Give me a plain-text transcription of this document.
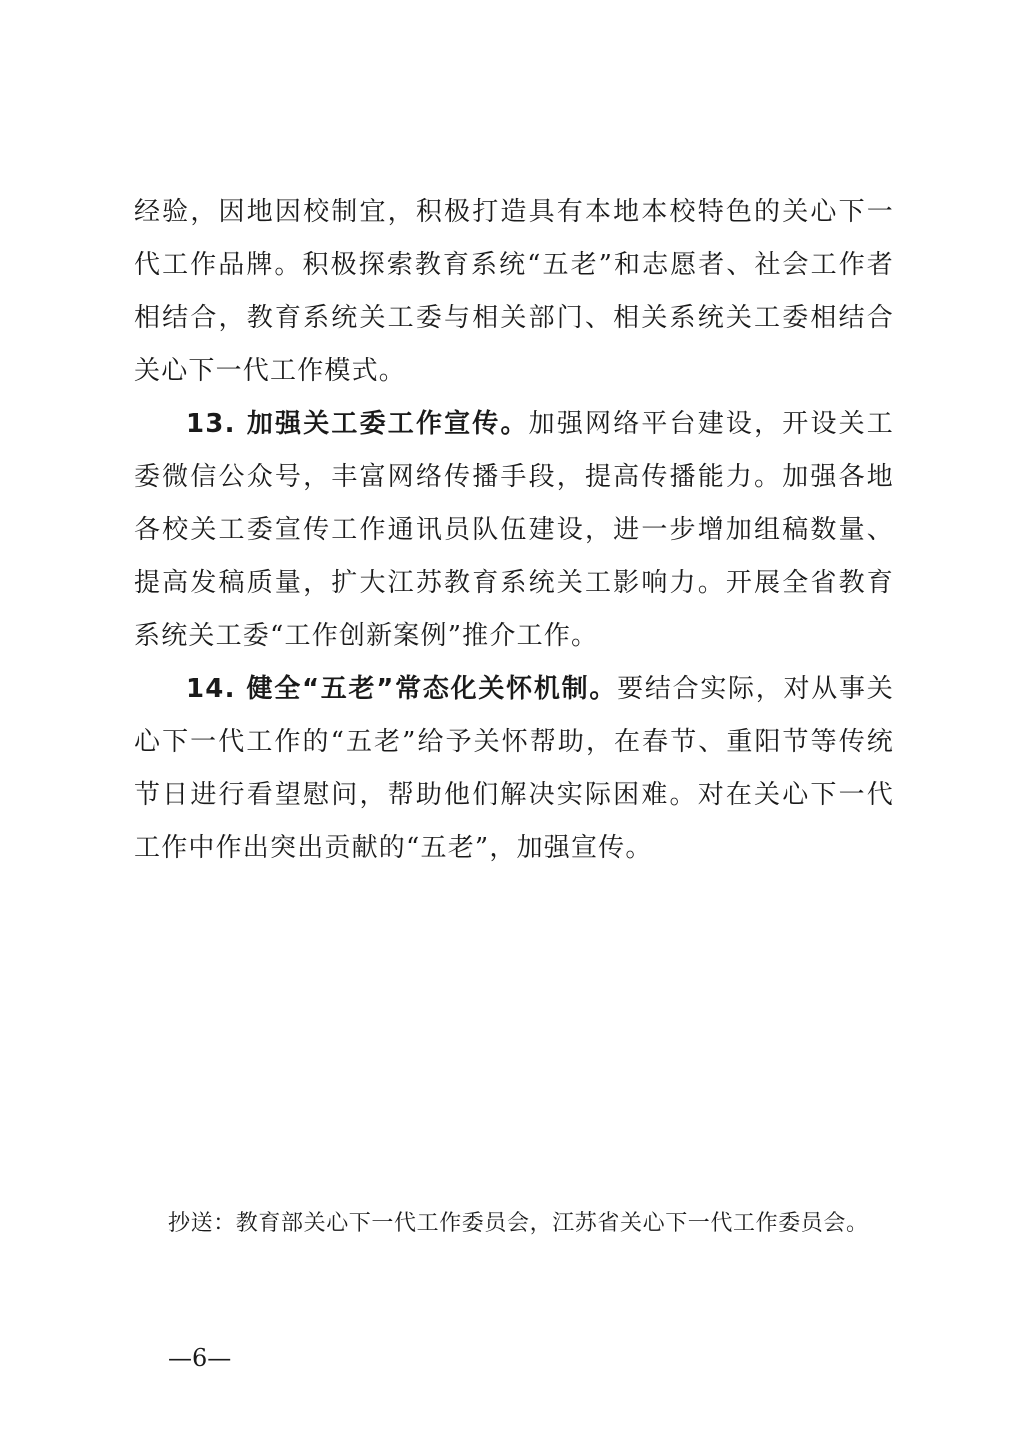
经验，因地因校制宜，积极打造具有本地本校特色的关心下一代工作品牌。积极探索教育系统“五老”和志愿者、社会工作者相结合，教育系统关工委与相关部门、相关系统关工委相结合关心下一代工作模式。

13. 加强关工委工作宣传。加强网络平台建设，开设关工委微信公众号，丰富网络传播手段，提高传播能力。加强各地各校关工委宣传工作通讯员队伍建设，进一步增加组稿数量、提高发稿质量，扩大江苏教育系统关工影响力。开展全省教育系统关工委“工作创新案例”推介工作。

14. 健全“五老”常态化关怀机制。要结合实际，对从事关心下一代工作的“五老”给予关怀帮助，在春节、重阳节等传统节日进行看望慰问，帮助他们解决实际困难。对在关心下一代工作中作出突出贡献的“五老”，加强宣传。

抄送：教育部关心下一代工作委员会，江苏省关心下一代工作委员会。
—6—
